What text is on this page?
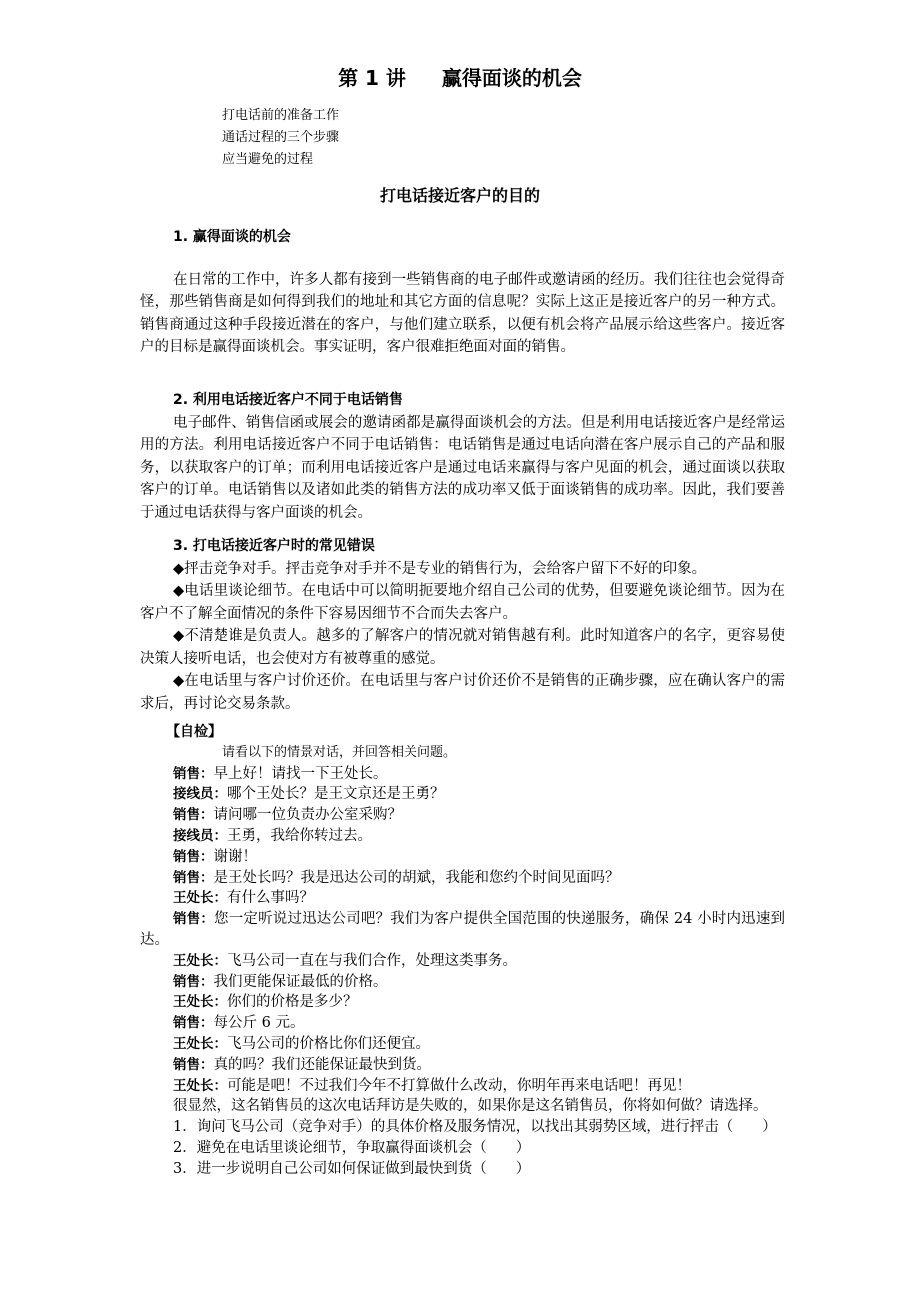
第 1 讲 赢得面谈的机会
打电话前的准备工作
通话过程的三个步骤
应当避免的过程
打电话接近客户的目的
1. 赢得面谈的机会
在日常的工作中，许多人都有接到一些销售商的电子邮件或邀请函的经历。我们往往也会觉得奇怪，那些销售商是如何得到我们的地址和其它方面的信息呢？实际上这正是接近客户的另一种方式。销售商通过这种手段接近潜在的客户，与他们建立联系，以便有机会将产品展示给这些客户。接近客户的目标是赢得面谈机会。事实证明，客户很难拒绝面对面的销售。
2. 利用电话接近客户不同于电话销售
电子邮件、销售信函或展会的邀请函都是赢得面谈机会的方法。但是利用电话接近客户是经常运用的方法。利用电话接近客户不同于电话销售：电话销售是通过电话向潜在客户展示自己的产品和服务，以获取客户的订单；而利用电话接近客户是通过电话来赢得与客户见面的机会，通过面谈以获取客户的订单。电话销售以及诸如此类的销售方法的成功率又低于面谈销售的成功率。因此，我们要善于通过电话获得与客户面谈的机会。
3. 打电话接近客户时的常见错误
◆抨击竞争对手。抨击竞争对手并不是专业的销售行为，会给客户留下不好的印象。
◆电话里谈论细节。在电话中可以简明扼要地介绍自己公司的优势，但要避免谈论细节。因为在客户不了解全面情况的条件下容易因细节不合而失去客户。
◆不清楚谁是负责人。越多的了解客户的情况就对销售越有利。此时知道客户的名字，更容易使决策人接听电话，也会使对方有被尊重的感觉。
◆在电话里与客户讨价还价。在电话里与客户讨价还价不是销售的正确步骤，应在确认客户的需求后，再讨论交易条款。
【自检】
请看以下的情景对话，并回答相关问题。
销售：早上好！请找一下王处长。
接线员：哪个王处长？是王文京还是王勇？
销售：请问哪一位负责办公室采购？
接线员：王勇，我给你转过去。
销售：谢谢！
销售：是王处长吗？我是迅达公司的胡斌，我能和您约个时间见面吗？
王处长：有什么事吗？
销售：您一定听说过迅达公司吧？我们为客户提供全国范围的快递服务，确保 24 小时内迅速到达。
王处长：飞马公司一直在与我们合作，处理这类事务。
销售：我们更能保证最低的价格。
王处长：你们的价格是多少？
销售：每公斤 6 元。
王处长：飞马公司的价格比你们还便宜。
销售：真的吗？我们还能保证最快到货。
王处长：可能是吧！不过我们今年不打算做什么改动，你明年再来电话吧！再见！
很显然，这名销售员的这次电话拜访是失败的，如果你是这名销售员，你将如何做？请选择。
1．询问飞马公司（竞争对手）的具体价格及服务情况，以找出其弱势区域，进行抨击（　　）
2．避免在电话里谈论细节，争取赢得面谈机会（　　）
3．进一步说明自己公司如何保证做到最快到货（　　）
